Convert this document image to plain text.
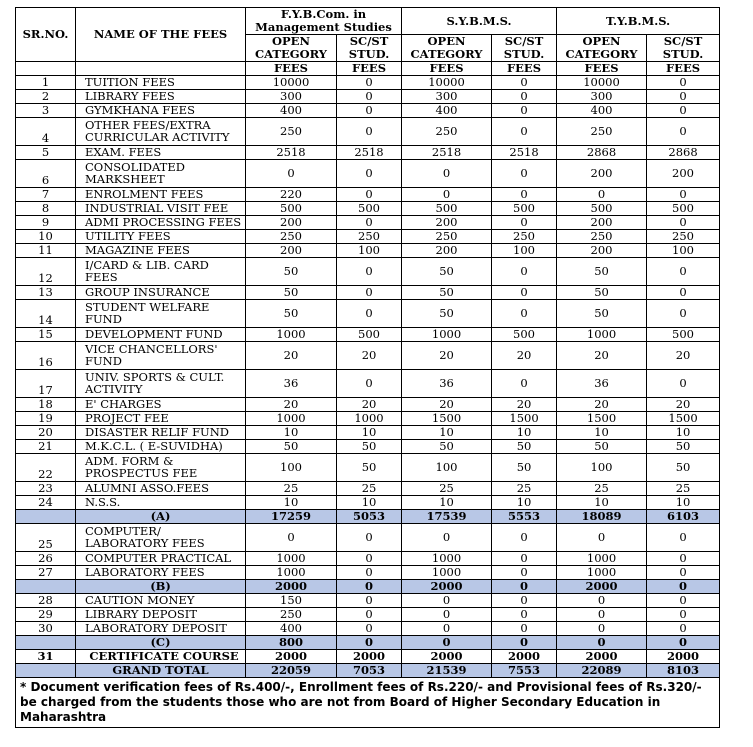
SR.NO.	NAME OF THE FEES	F.Y.B.Com. in Management Studies		S.Y.B.M.S.		T.Y.B.M.S.	
		OPEN CATEGORY	SC/ST STUD.	OPEN CATEGORY	SC/ST STUD.	OPEN CATEGORY	SC/ST STUD.
		FEES	FEES	FEES	FEES	FEES	FEES
1	TUITION FEES	10000	0	10000	0	10000	0
2	LIBRARY FEES	300	0	300	0	300	0
3	GYMKHANA FEES	400	0	400	0	400	0
4	OTHER FEES/EXTRA CURRICULAR ACTIVITY	250	0	250	0	250	0
5	EXAM. FEES	2518	2518	2518	2518	2868	2868
6	CONSOLIDATED MARKSHEET	0	0	0	0	200	200
7	ENROLMENT FEES	220	0	0	0	0	0
8	INDUSTRIAL VISIT FEE	500	500	500	500	500	500
9	ADMI PROCESSING FEES	200	0	200	0	200	0
10	UTILITY FEES	250	250	250	250	250	250
11	MAGAZINE FEES	200	100	200	100	200	100
12	I/CARD & LIB. CARD FEES	50	0	50	0	50	0
13	GROUP INSURANCE	50	0	50	0	50	0
14	STUDENT WELFARE FUND	50	0	50	0	50	0
15	DEVELOPMENT FUND	1000	500	1000	500	1000	500
16	VICE CHANCELLORS' FUND	20	20	20	20	20	20
17	UNIV. SPORTS & CULT. ACTIVITY	36	0	36	0	36	0
18	E' CHARGES	20	20	20	20	20	20
19	PROJECT FEE	1000	1000	1500	1500	1500	1500
20	DISASTER RELIF FUND	10	10	10	10	10	10
21	M.K.C.L. ( E-SUVIDHA)	50	50	50	50	50	50
22	ADM. FORM & PROSPECTUS FEE	100	50	100	50	100	50
23	ALUMNI ASSO.FEES	25	25	25	25	25	25
24	N.S.S.	10	10	10	10	10	10
	(A)	17259	5053	17539	5553	18089	6103
25	COMPUTER/ LABORATORY FEES	0	0	0	0	0	0
26	COMPUTER PRACTICAL	1000	0	1000	0	1000	0
27	LABORATORY FEES	1000	0	1000	0	1000	0
	(B)	2000	0	2000	0	2000	0
28	CAUTION MONEY	150	0	0	0	0	0
29	LIBRARY DEPOSIT	250	0	0	0	0	0
30	LABORATORY DEPOSIT	400	0	0	0	0	0
	(C)	800	0	0	0	0	0
31	CERTIFICATE COURSE	2000	2000	2000	2000	2000	2000
	GRAND TOTAL	22059	7053	21539	7553	22089	8103
* Document verification fees of Rs.400/-, Enrollment fees of Rs.220/- and Provisional fees of Rs.320/- be charged from the students those who are not from Board of Higher Secondary Education in Maharashtra							
